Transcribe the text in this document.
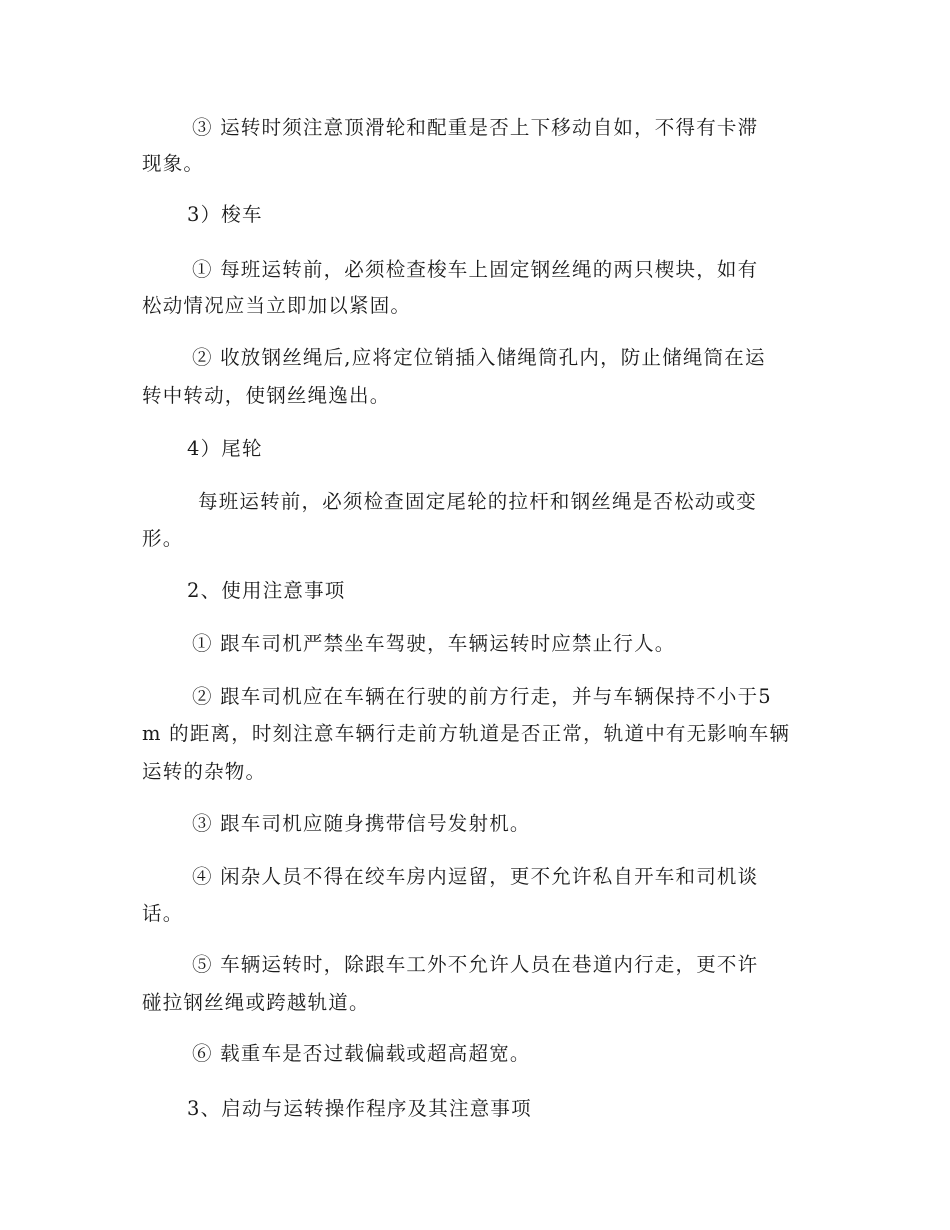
③ 运转时须注意顶滑轮和配重是否上下移动自如，不得有卡滞
现象。
3）梭车
① 每班运转前，必须检查梭车上固定钢丝绳的两只楔块，如有
松动情况应当立即加以紧固。
② 收放钢丝绳后,应将定位销插入储绳筒孔内，防止储绳筒在运
转中转动，使钢丝绳逸出。
4）尾轮
每班运转前，必须检查固定尾轮的拉杆和钢丝绳是否松动或变
形。
2、使用注意事项
① 跟车司机严禁坐车驾驶，车辆运转时应禁止行人。
② 跟车司机应在车辆在行驶的前方行走，并与车辆保持不小于5
m 的距离，时刻注意车辆行走前方轨道是否正常，轨道中有无影响车辆
运转的杂物。
③ 跟车司机应随身携带信号发射机。
④ 闲杂人员不得在绞车房内逗留，更不允许私自开车和司机谈
话。
⑤ 车辆运转时，除跟车工外不允许人员在巷道内行走，更不许
碰拉钢丝绳或跨越轨道。
⑥ 载重车是否过载偏载或超高超宽。
3、启动与运转操作程序及其注意事项
